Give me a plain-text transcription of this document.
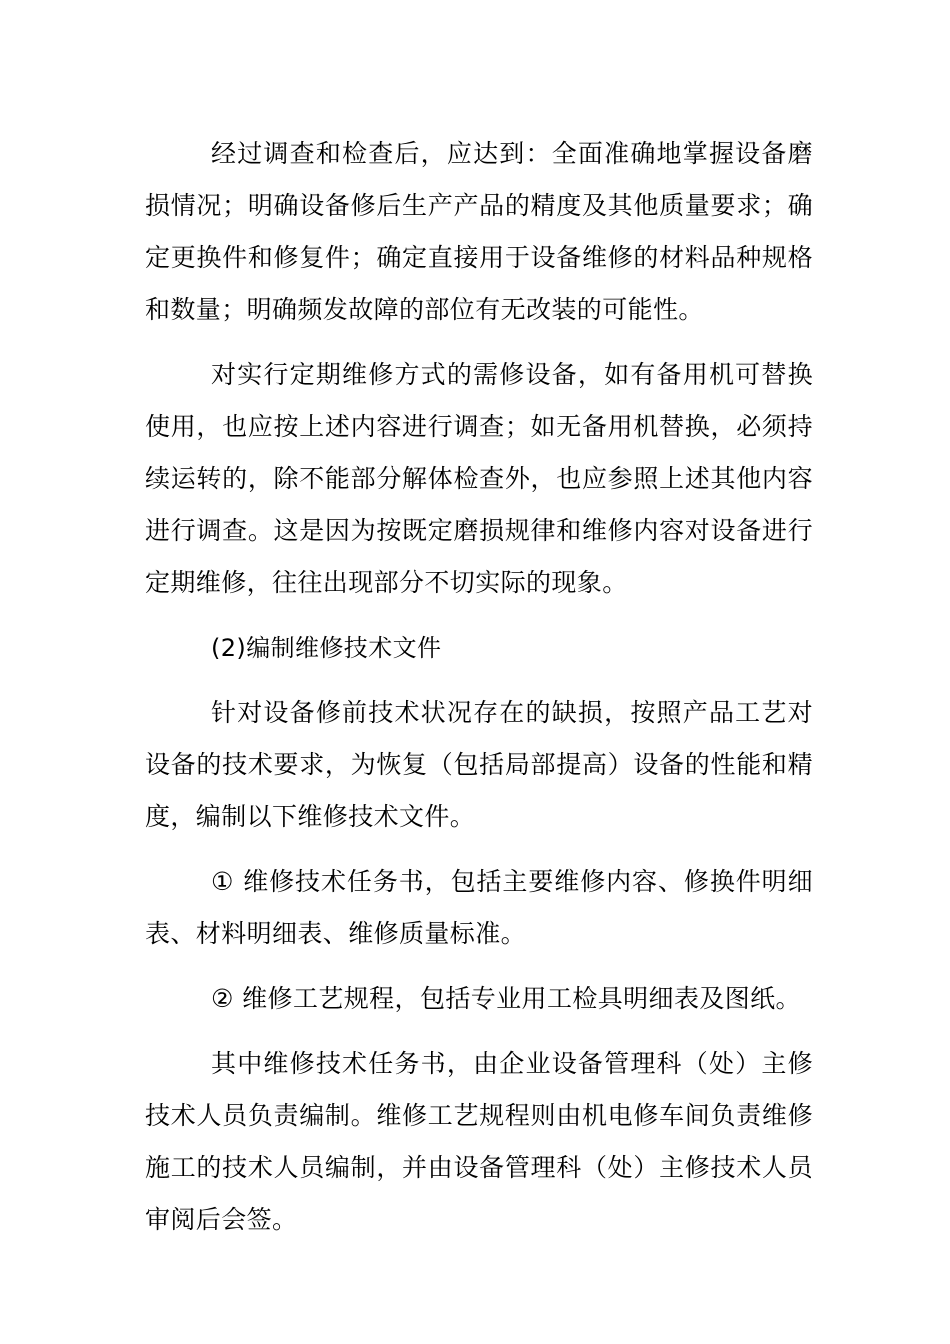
经过调查和检查后，应达到：全面准确地掌握设备磨损情况；明确设备修后生产产品的精度及其他质量要求；确定更换件和修复件；确定直接用于设备维修的材料品种规格和数量；明确频发故障的部位有无改装的可能性。

对实行定期维修方式的需修设备，如有备用机可替换使用，也应按上述内容进行调查；如无备用机替换，必须持续运转的，除不能部分解体检查外，也应参照上述其他内容进行调查。这是因为按既定磨损规律和维修内容对设备进行定期维修，往往出现部分不切实际的现象。

(2)编制维修技术文件

针对设备修前技术状况存在的缺损，按照产品工艺对设备的技术要求，为恢复（包括局部提高）设备的性能和精度，编制以下维修技术文件。

① 维修技术任务书，包括主要维修内容、修换件明细表、材料明细表、维修质量标准。

② 维修工艺规程，包括专业用工检具明细表及图纸。

其中维修技术任务书，由企业设备管理科（处）主修技术人员负责编制。维修工艺规程则由机电修车间负责维修施工的技术人员编制，并由设备管理科（处）主修技术人员审阅后会签。
